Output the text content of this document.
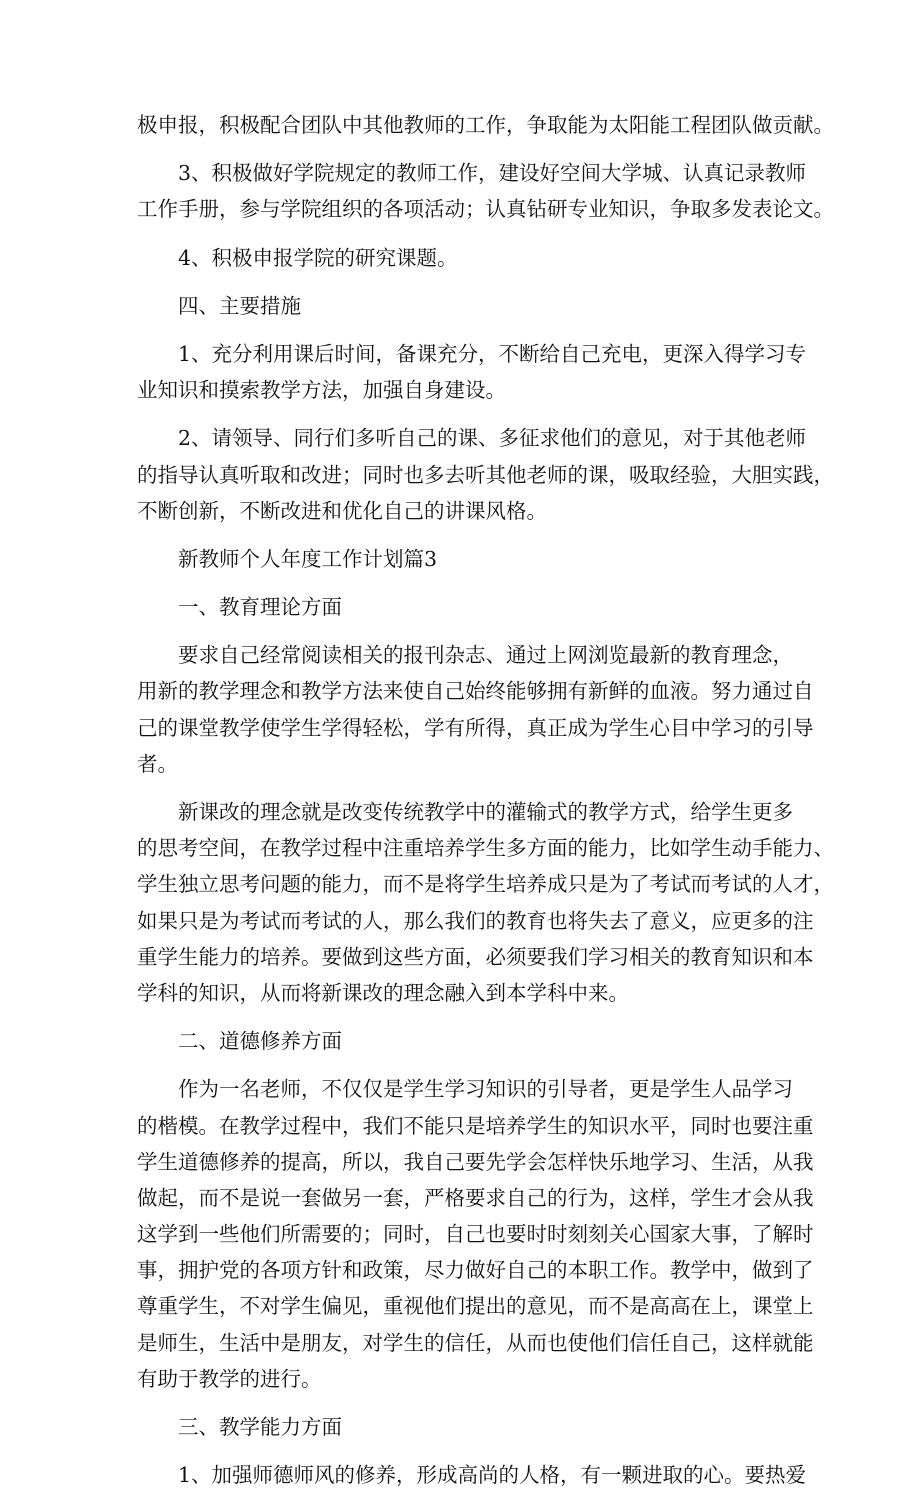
极申报，积极配合团队中其他教师的工作，争取能为太阳能工程团队做贡献。
3、积极做好学院规定的教师工作，建设好空间大学城、认真记录教师
工作手册，参与学院组织的各项活动；认真钻研专业知识，争取多发表论文。
4、积极申报学院的研究课题。
四、主要措施
1、充分利用课后时间，备课充分，不断给自己充电，更深入得学习专
业知识和摸索教学方法，加强自身建设。
2、请领导、同行们多听自己的课、多征求他们的意见，对于其他老师
的指导认真听取和改进；同时也多去听其他老师的课，吸取经验，大胆实践，
不断创新，不断改进和优化自己的讲课风格。
新教师个人年度工作计划篇3
一、教育理论方面
要求自己经常阅读相关的报刊杂志、通过上网浏览最新的教育理念，
用新的教学理念和教学方法来使自己始终能够拥有新鲜的血液。努力通过自
己的课堂教学使学生学得轻松，学有所得，真正成为学生心目中学习的引导
者。
新课改的理念就是改变传统教学中的灌输式的教学方式，给学生更多
的思考空间，在教学过程中注重培养学生多方面的能力，比如学生动手能力、
学生独立思考问题的能力，而不是将学生培养成只是为了考试而考试的人才，
如果只是为考试而考试的人，那么我们的教育也将失去了意义，应更多的注
重学生能力的培养。要做到这些方面，必须要我们学习相关的教育知识和本
学科的知识，从而将新课改的理念融入到本学科中来。
二、道德修养方面
作为一名老师，不仅仅是学生学习知识的引导者，更是学生人品学习
的楷模。在教学过程中，我们不能只是培养学生的知识水平，同时也要注重
学生道德修养的提高，所以，我自己要先学会怎样快乐地学习、生活，从我
做起，而不是说一套做另一套，严格要求自己的行为，这样，学生才会从我
这学到一些他们所需要的；同时，自己也要时时刻刻关心国家大事，了解时
事，拥护党的各项方针和政策，尽力做好自己的本职工作。教学中，做到了
尊重学生，不对学生偏见，重视他们提出的意见，而不是高高在上，课堂上
是师生，生活中是朋友，对学生的信任，从而也使他们信任自己，这样就能
有助于教学的进行。
三、教学能力方面
1、加强师德师风的修养，形成高尚的人格，有一颗进取的心。要热爱
